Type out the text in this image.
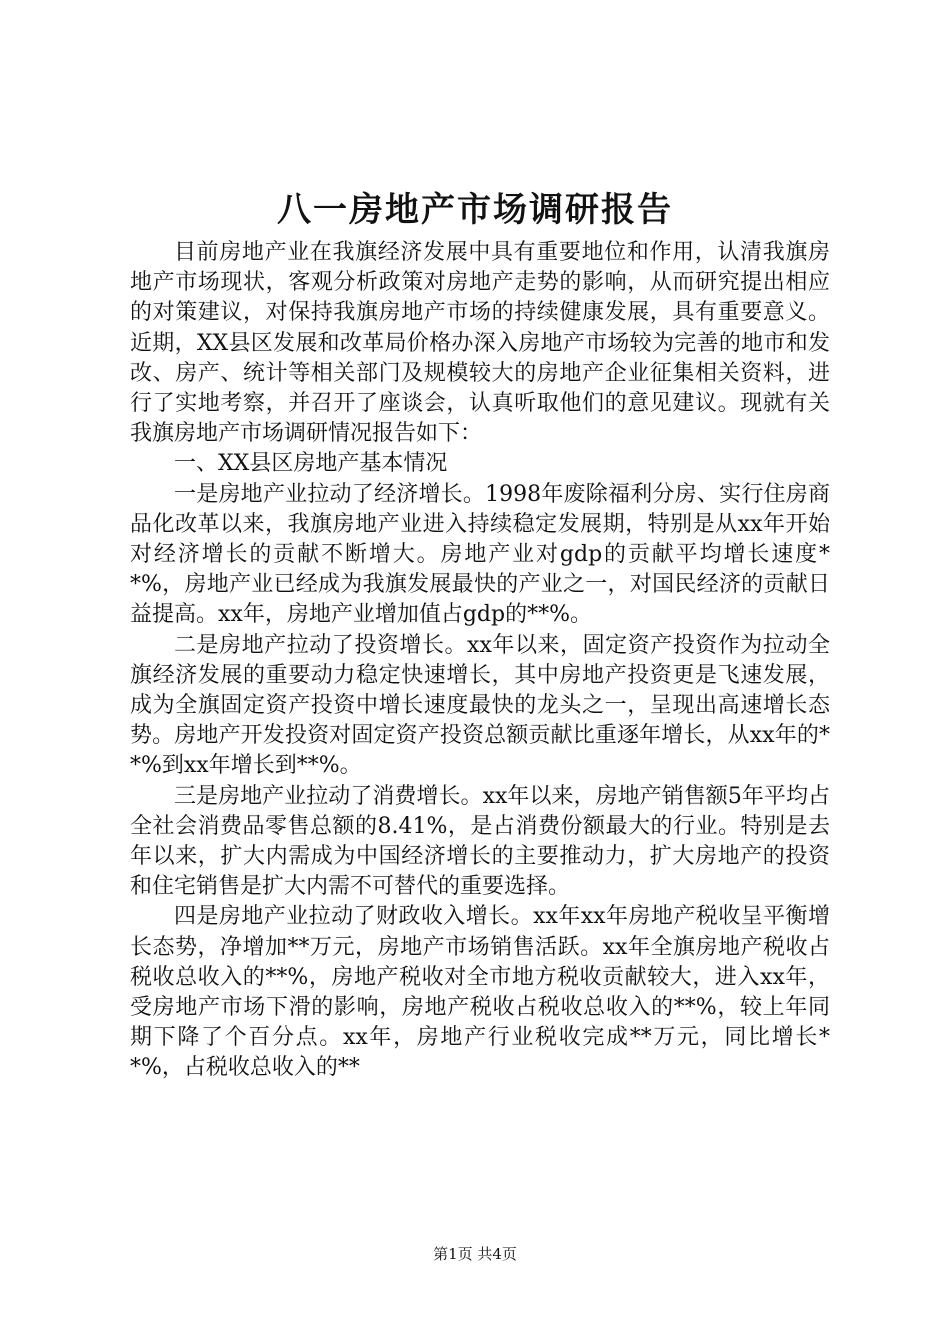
八一房地产市场调研报告

目前房地产业在我旗经济发展中具有重要地位和作用，认清我旗房地产市场现状，客观分析政策对房地产走势的影响，从而研究提出相应的对策建议，对保持我旗房地产市场的持续健康发展，具有重要意义。近期，XX县区发展和改革局价格办深入房地产市场较为完善的地市和发改、房产、统计等相关部门及规模较大的房地产企业征集相关资料，进行了实地考察，并召开了座谈会，认真听取他们的意见建议。现就有关我旗房地产市场调研情况报告如下：

一、XX县区房地产基本情况

一是房地产业拉动了经济增长。1998年废除福利分房、实行住房商品化改革以来，我旗房地产业进入持续稳定发展期，特别是从xx年开始对经济增长的贡献不断增大。房地产业对gdp的贡献平均增长速度**%，房地产业已经成为我旗发展最快的产业之一，对国民经济的贡献日益提高。xx年，房地产业增加值占gdp的**%。

二是房地产拉动了投资增长。xx年以来，固定资产投资作为拉动全旗经济发展的重要动力稳定快速增长，其中房地产投资更是飞速发展，成为全旗固定资产投资中增长速度最快的龙头之一，呈现出高速增长态势。房地产开发投资对固定资产投资总额贡献比重逐年增长，从xx年的**%到xx年增长到**%。

三是房地产业拉动了消费增长。xx年以来，房地产销售额5年平均占全社会消费品零售总额的8.41%，是占消费份额最大的行业。特别是去年以来，扩大内需成为中国经济增长的主要推动力，扩大房地产的投资和住宅销售是扩大内需不可替代的重要选择。

四是房地产业拉动了财政收入增长。xx年xx年房地产税收呈平衡增长态势，净增加**万元，房地产市场销售活跃。xx年全旗房地产税收占税收总收入的**%，房地产税收对全市地方税收贡献较大，进入xx年，受房地产市场下滑的影响，房地产税收占税收总收入的**%，较上年同期下降了个百分点。xx年，房地产行业税收完成**万元，同比增长**%，占税收总收入的**

第1页 共4页
